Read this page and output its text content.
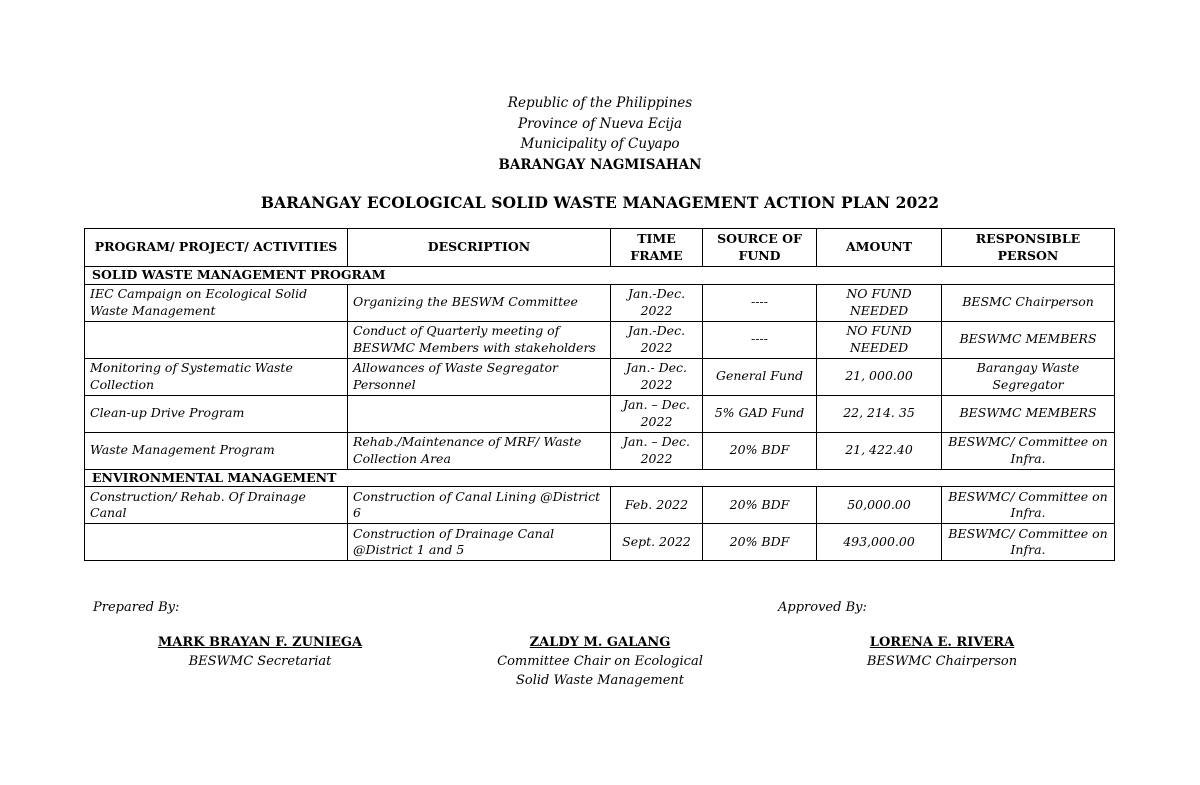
Republic of the Philippines
Province of Nueva Ecija
Municipality of Cuyapo
BARANGAY NAGMISAHAN
BARANGAY ECOLOGICAL SOLID WASTE MANAGEMENT ACTION PLAN 2022
PROGRAM/ PROJECT/ ACTIVITIES	DESCRIPTION	TIME FRAME	SOURCE OF FUND	AMOUNT	RESPONSIBLE PERSON
SOLID WASTE MANAGEMENT PROGRAM					
IEC Campaign on Ecological Solid Waste Management	Organizing the BESWM Committee	Jan.-Dec. 2022	----	NO FUND NEEDED	BESMC Chairperson
	Conduct of Quarterly meeting of BESWMC Members with stakeholders	Jan.-Dec. 2022	----	NO FUND NEEDED	BESWMC MEMBERS
Monitoring of Systematic Waste Collection	Allowances of Waste Segregator Personnel	Jan.- Dec. 2022	General Fund	21, 000.00	Barangay Waste Segregator
Clean-up Drive Program		Jan. – Dec. 2022	5% GAD Fund	22, 214. 35	BESWMC MEMBERS
Waste Management Program	Rehab./Maintenance of MRF/ Waste Collection Area	Jan. – Dec. 2022	20% BDF	21, 422.40	BESWMC/ Committee on Infra.
ENVIRONMENTAL MANAGEMENT					
Construction/ Rehab. Of Drainage Canal	Construction of Canal Lining @District 6	Feb. 2022	20% BDF	50,000.00	BESWMC/ Committee on Infra.
	Construction of Drainage Canal @District 1 and 5	Sept. 2022	20% BDF	493,000.00	BESWMC/ Committee on Infra.
Prepared By:	Approved By:
MARK BRAYAN F. ZUNIEGA
BESWMC Secretariat
ZALDY M. GALANG
Committee Chair on Ecological
Solid Waste Management
LORENA E. RIVERA
BESWMC Chairperson
